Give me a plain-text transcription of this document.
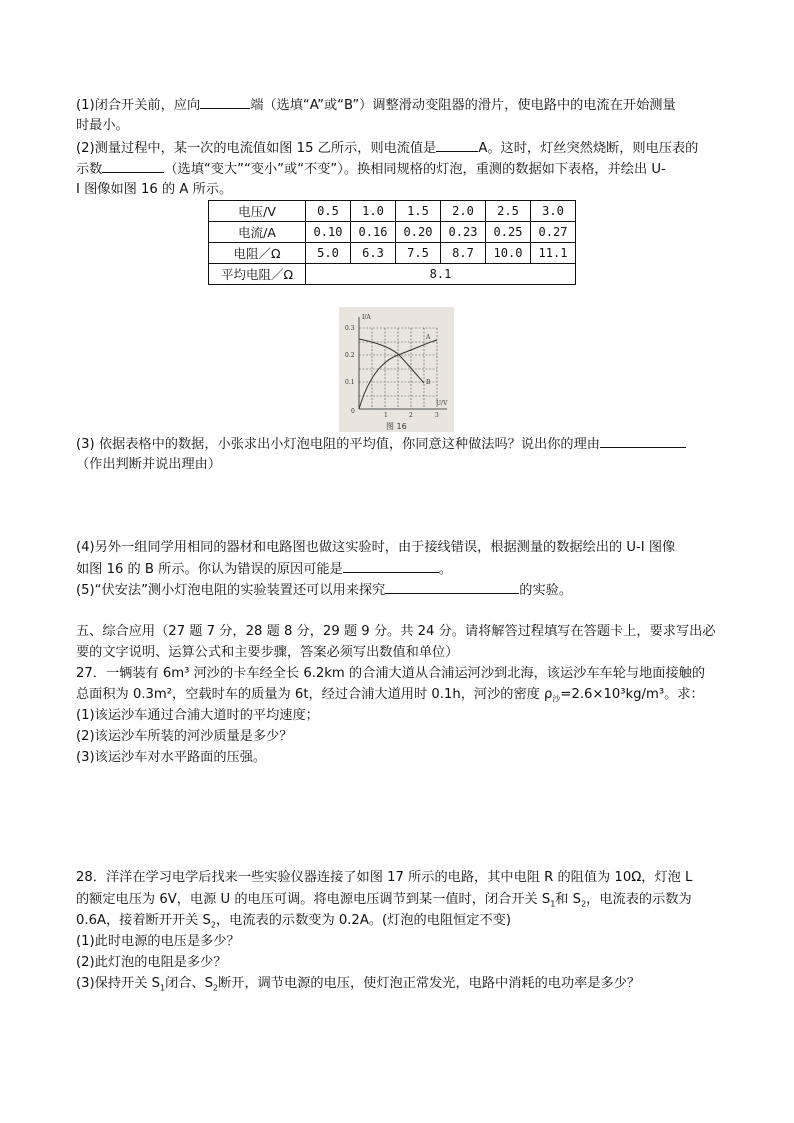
(1)闭合开关前，应向	端（选填“A”或“B”）调整滑动变阻器的滑片，使电路中的电流在开始测量
时最小。
(2)测量过程中，某一次的电流值如图 15 乙所示，则电流值是	A。这时，灯丝突然烧断，则电压表的
示数	（选填“变大”“变小”或“不变”）。换相同规格的灯泡，重测的数据如下表格，并绘出 U-
I 图像如图 16 的 A 所示。
电压/V	0.5	1.0	1.5	2.0	2.5	3.0
电流/A	0.10	0.16	0.20	0.23	0.25	0.27
电阻／Ω	5.0	6.3	7.5	8.7	10.0	11.1
平均电阻／Ω	8.1					
I/A
U/V
0.3
0.2
0.1
0
1	2	3
A
B
图 16
(3) 依据表格中的数据，小张求出小灯泡电阻的平均值，你同意这种做法吗？说出你的理由
（作出判断并说出理由）
(4)另外一组同学用相同的器材和电路图也做这实验时，由于接线错误，根据测量的数据绘出的 U-I 图像
如图 16 的 B 所示。你认为错误的原因可能是	。
(5)“伏安法”测小灯泡电阻的实验装置还可以用来探究	的实验。
五、综合应用（27 题 7 分，28 题 8 分，29 题 9 分。共 24 分。请将解答过程填写在答题卡上，要求写出必
要的文字说明、运算公式和主要步骤，答案必须写出数值和单位）
27．一辆装有 6m³ 河沙的卡车经全长 6.2km 的合浦大道从合浦运河沙到北海，该运沙车车轮与地面接触的
总面积为 0.3m²，空载时车的质量为 6t，经过合浦大道用时 0.1h，河沙的密度 $\rho_沙=2.6\times 10^3kg/m^3$。求：
(1)该运沙车通过合浦大道时的平均速度；
(2)该运沙车所装的河沙质量是多少？
(3)该运沙车对水平路面的压强。
28．洋洋在学习电学后找来一些实验仪器连接了如图 17 所示的电路，其中电阻 R 的阻值为 10Ω，灯泡 L
的额定电压为 6V，电源 U 的电压可调。将电源电压调节到某一值时，闭合开关 $S_1$和 $S_2$，电流表的示数为
0.6A，接着断开开关 $S_2$，电流表的示数变为 0.2A。(灯泡的电阻恒定不变)
(1)此时电源的电压是多少？
(2)此灯泡的电阻是多少？
(3)保持开关 $S_1$闭合、$S_2$断开，调节电源的电压，使灯泡正常发光，电路中消耗的电功率是多少？
